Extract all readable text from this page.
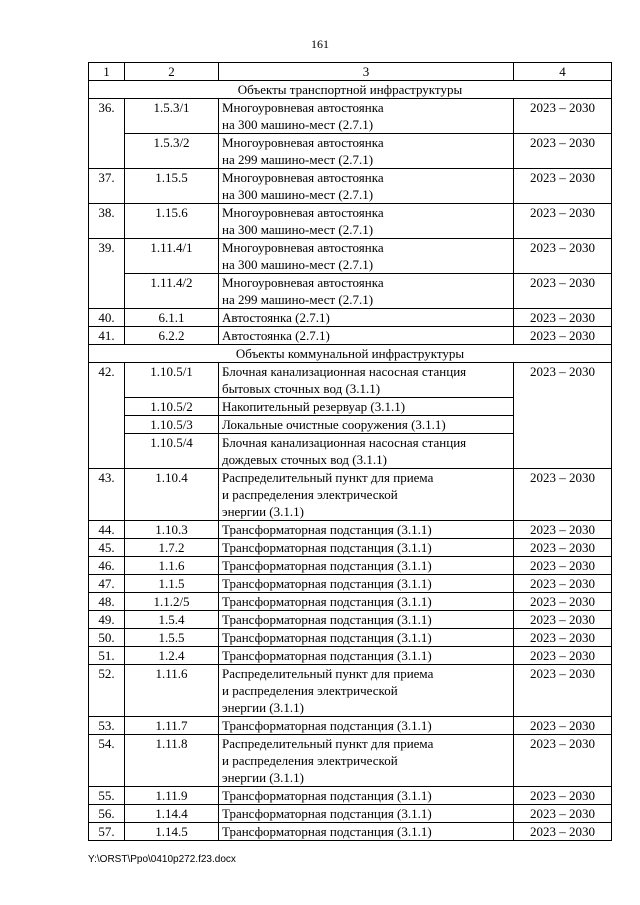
161
1	2	3	4
Объекты транспортной инфраструктуры			
36.	1.5.3/1	Многоуровневая автостоянка
на 300 машино-мест (2.7.1)	2023 – 2030
	1.5.3/2	Многоуровневая автостоянка
на 299 машино-мест (2.7.1)	2023 – 2030
37.	1.15.5	Многоуровневая автостоянка
на 300 машино-мест (2.7.1)	2023 – 2030
38.	1.15.6	Многоуровневая автостоянка
на 300 машино-мест (2.7.1)	2023 – 2030
39.	1.11.4/1	Многоуровневая автостоянка
на 300 машино-мест (2.7.1)	2023 – 2030
	1.11.4/2	Многоуровневая автостоянка
на 299 машино-мест (2.7.1)	2023 – 2030
40.	6.1.1	Автостоянка (2.7.1)	2023 – 2030
41.	6.2.2	Автостоянка (2.7.1)	2023 – 2030
Объекты коммунальной инфраструктуры			
42.	1.10.5/1	Блочная канализационная насосная станция
бытовых сточных вод (3.1.1)	2023 – 2030
	1.10.5/2	Накопительный резервуар (3.1.1)	
	1.10.5/3	Локальные очистные сооружения (3.1.1)	
	1.10.5/4	Блочная канализационная насосная станция
дождевых сточных вод (3.1.1)	
43.	1.10.4	Распределительный пункт для приема
и распределения электрической
энергии (3.1.1)	2023 – 2030
44.	1.10.3	Трансформаторная подстанция (3.1.1)	2023 – 2030
45.	1.7.2	Трансформаторная подстанция (3.1.1)	2023 – 2030
46.	1.1.6	Трансформаторная подстанция (3.1.1)	2023 – 2030
47.	1.1.5	Трансформаторная подстанция (3.1.1)	2023 – 2030
48.	1.1.2/5	Трансформаторная подстанция (3.1.1)	2023 – 2030
49.	1.5.4	Трансформаторная подстанция (3.1.1)	2023 – 2030
50.	1.5.5	Трансформаторная подстанция (3.1.1)	2023 – 2030
51.	1.2.4	Трансформаторная подстанция (3.1.1)	2023 – 2030
52.	1.11.6	Распределительный пункт для приема
и распределения электрической
энергии (3.1.1)	2023 – 2030
53.	1.11.7	Трансформаторная подстанция (3.1.1)	2023 – 2030
54.	1.11.8	Распределительный пункт для приема
и распределения электрической
энергии (3.1.1)	2023 – 2030
55.	1.11.9	Трансформаторная подстанция (3.1.1)	2023 – 2030
56.	1.14.4	Трансформаторная подстанция (3.1.1)	2023 – 2030
57.	1.14.5	Трансформаторная подстанция (3.1.1)	2023 – 2030
Y:\ORST\Ppo\0410p272.f23.docx
